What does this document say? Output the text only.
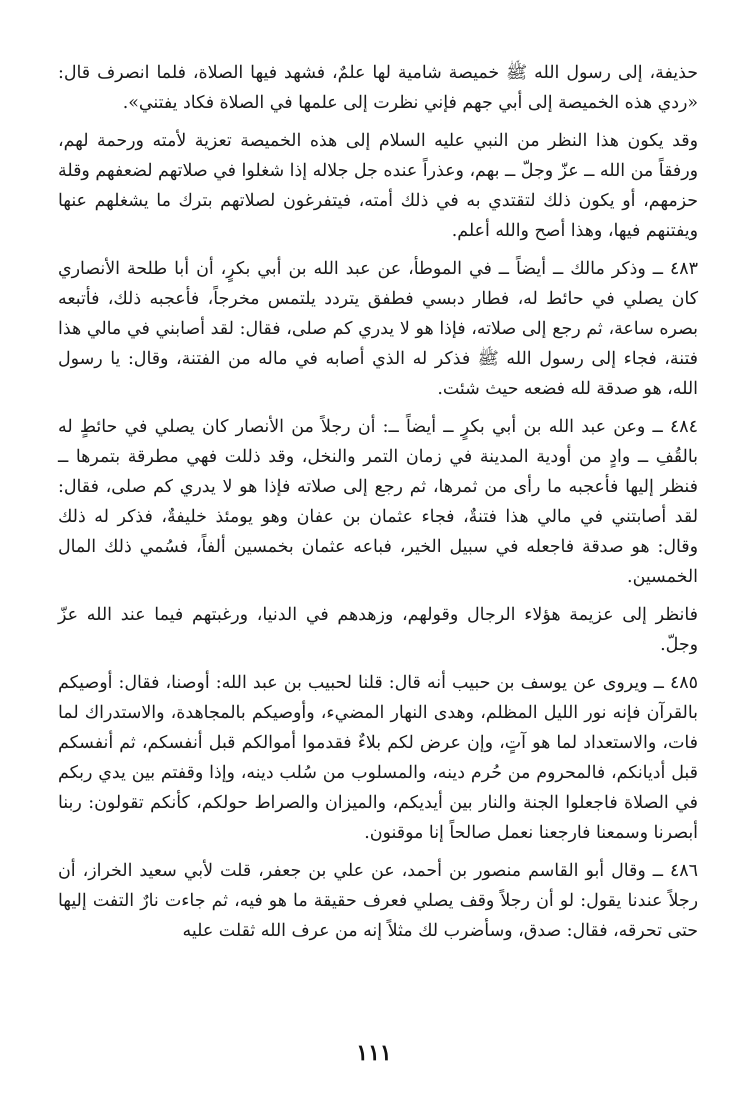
حذيفة، إلى رسول الله ﷺ خميصة شامية لها علمٌ، فشهد فيها الصلاة، فلما انصرف قال: «ردي هذه الخميصة إلى أبي جهم فإني نظرت إلى علمها في الصلاة فكاد يفتني».

وقد يكون هذا النظر من النبي عليه السلام إلى هذه الخميصة تعزية لأمته ورحمة لهم، ورفقاً من الله ــ عزّ وجلّ ــ بهم، وعذراً عنده جل جلاله إذا شغلوا في صلاتهم لضعفهم وقلة حزمهم، أو يكون ذلك لتقتدي به في ذلك أمته، فيتفرغون لصلاتهم بترك ما يشغلهم عنها ويفتنهم فيها، وهذا أصح والله أعلم.

٤٨٣ ــ وذكر مالك ــ أيضاً ــ في الموطأ، عن عبد الله بن أبي بكرٍ، أن أبا طلحة الأنصاري كان يصلي في حائط له، فطار دبسي فطفق يتردد يلتمس مخرجاً، فأعجبه ذلك، فأتبعه بصره ساعة، ثم رجع إلى صلاته، فإذا هو لا يدري كم صلى، فقال: لقد أصابني في مالي هذا فتنة، فجاء إلى رسول الله ﷺ فذكر له الذي أصابه في ماله من الفتنة، وقال: يا رسول الله، هو صدقة لله فضعه حيث شئت.

٤٨٤ ــ وعن عبد الله بن أبي بكرٍ ــ أيضاً ــ: أن رجلاً من الأنصار كان يصلي في حائطٍ له بالقُفِ ــ وادٍ من أودية المدينة في زمان التمر والنخل، وقد ذللت فهي مطرقة بتمرها ــ فنظر إليها فأعجبه ما رأى من ثمرها، ثم رجع إلى صلاته فإذا هو لا يدري كم صلى، فقال: لقد أصابتني في مالي هذا فتنةٌ، فجاء عثمان بن عفان وهو يومئذ خليفةٌ، فذكر له ذلك وقال: هو صدقة فاجعله في سبيل الخير، فباعه عثمان بخمسين ألفاً، فسُمي ذلك المال الخمسين.

فانظر إلى عزيمة هؤلاء الرجال وقولهم، وزهدهم في الدنيا، ورغبتهم فيما عند الله عزّ وجلّ.

٤٨٥ ــ ويروى عن يوسف بن حبيب أنه قال: قلنا لحبيب بن عبد الله: أوصنا، فقال: أوصيكم بالقرآن فإنه نور الليل المظلم، وهدى النهار المضيء، وأوصيكم بالمجاهدة، والاستدراك لما فات، والاستعداد لما هو آتٍ، وإن عرض لكم بلاءٌ فقدموا أموالكم قبل أنفسكم، ثم أنفسكم قبل أديانكم، فالمحروم من حُرم دينه، والمسلوب من سُلب دينه، وإذا وقفتم بين يدي ربكم في الصلاة فاجعلوا الجنة والنار بين أيديكم، والميزان والصراط حولكم، كأنكم تقولون: ربنا أبصرنا وسمعنا فارجعنا نعمل صالحاً إنا موقنون.

٤٨٦ ــ وقال أبو القاسم منصور بن أحمد، عن علي بن جعفر، قلت لأبي سعيد الخراز، أن رجلاً عندنا يقول: لو أن رجلاً وقف يصلي فعرف حقيقة ما هو فيه، ثم جاءت نارٌ التفت إليها حتى تحرقه، فقال: صدق، وسأضرب لك مثلاً إنه من عرف الله ثقلت عليه

١١١
